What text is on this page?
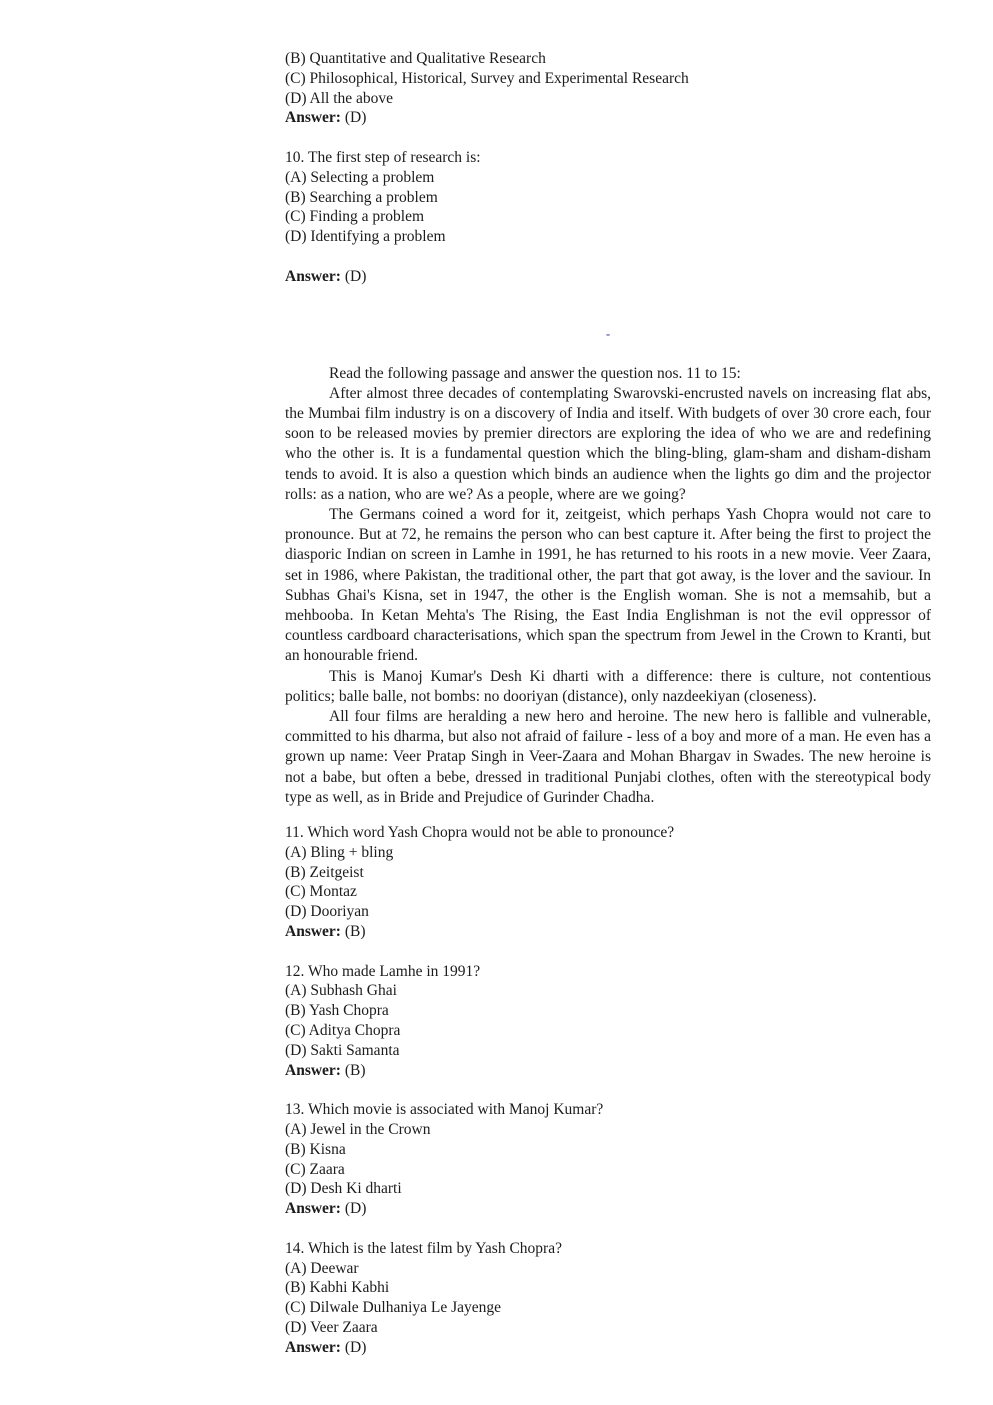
(B) Quantitative and Qualitative Research
(C) Philosophical, Historical, Survey and Experimental Research
(D) All the above
Answer: (D)
10. The first step of research is:
(A) Selecting a problem
(B) Searching a problem
(C) Finding a problem
(D) Identifying a problem
Answer: (D)
-
Read the following passage and answer the question nos. 11 to 15:

After almost three decades of contemplating Swarovski-encrusted navels on increasing flat abs, the Mumbai film industry is on a discovery of India and itself. With budgets of over 30 crore each, four soon to be released movies by premier directors are exploring the idea of who we are and redefining who the other is. It is a fundamental question which the bling-bling, glam-sham and disham-disham tends to avoid. It is also a question which binds an audience when the lights go dim and the projector rolls: as a nation, who are we? As a people, where are we going?

The Germans coined a word for it, zeitgeist, which perhaps Yash Chopra would not care to pronounce. But at 72, he remains the person who can best capture it. After being the first to project the diasporic Indian on screen in Lamhe in 1991, he has returned to his roots in a new movie. Veer Zaara, set in 1986, where Pakistan, the traditional other, the part that got away, is the lover and the saviour. In Subhas Ghai's Kisna, set in 1947, the other is the English woman. She is not a memsahib, but a mehbooba. In Ketan Mehta's The Rising, the East India Englishman is not the evil oppressor of countless cardboard characterisations, which span the spectrum from Jewel in the Crown to Kranti, but an honourable friend.

This is Manoj Kumar's Desh Ki dharti with a difference: there is culture, not contentious politics; balle balle, not bombs: no dooriyan (distance), only nazdeekiyan (closeness).

All four films are heralding a new hero and heroine. The new hero is fallible and vulnerable, committed to his dharma, but also not afraid of failure - less of a boy and more of a man. He even has a grown up name: Veer Pratap Singh in Veer-Zaara and Mohan Bhargav in Swades. The new heroine is not a babe, but often a bebe, dressed in traditional Punjabi clothes, often with the stereotypical body type as well, as in Bride and Prejudice of Gurinder Chadha.

11. Which word Yash Chopra would not be able to pronounce?
(A) Bling + bling
(B) Zeitgeist
(C) Montaz
(D) Dooriyan
Answer: (B)
12. Who made Lamhe in 1991?
(A) Subhash Ghai
(B) Yash Chopra
(C) Aditya Chopra
(D) Sakti Samanta
Answer: (B)
13. Which movie is associated with Manoj Kumar?
(A) Jewel in the Crown
(B) Kisna
(C) Zaara
(D) Desh Ki dharti
Answer: (D)
14. Which is the latest film by Yash Chopra?
(A) Deewar
(B) Kabhi Kabhi
(C) Dilwale Dulhaniya Le Jayenge
(D) Veer Zaara
Answer: (D)
